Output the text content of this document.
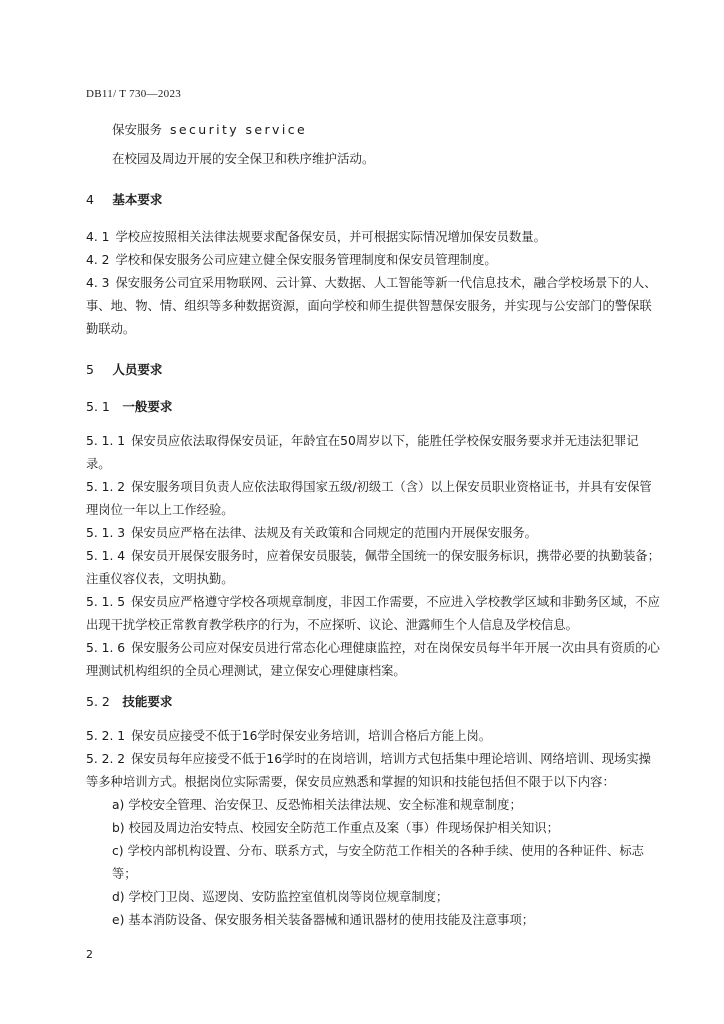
DB11/ T 730—2023
保安服务 security service
在校园及周边开展的安全保卫和秩序维护活动。
4 基本要求
4. 1 学校应按照相关法律法规要求配备保安员，并可根据实际情况增加保安员数量。
4. 2 学校和保安服务公司应建立健全保安服务管理制度和保安员管理制度。
4. 3 保安服务公司宜采用物联网、云计算、大数据、人工智能等新一代信息技术，融合学校场景下的人、事、地、物、情、组织等多种数据资源，面向学校和师生提供智慧保安服务，并实现与公安部门的警保联勤联动。
5 人员要求
5. 1 一般要求
5. 1. 1 保安员应依法取得保安员证，年龄宜在50周岁以下，能胜任学校保安服务要求并无违法犯罪记录。
5. 1. 2 保安服务项目负责人应依法取得国家五级/初级工（含）以上保安员职业资格证书，并具有安保管理岗位一年以上工作经验。
5. 1. 3 保安员应严格在法律、法规及有关政策和合同规定的范围内开展保安服务。
5. 1. 4 保安员开展保安服务时，应着保安员服装，佩带全国统一的保安服务标识，携带必要的执勤装备；注重仪容仪表，文明执勤。
5. 1. 5 保安员应严格遵守学校各项规章制度，非因工作需要，不应进入学校教学区域和非勤务区域，不应出现干扰学校正常教育教学秩序的行为，不应探听、议论、泄露师生个人信息及学校信息。
5. 1. 6 保安服务公司应对保安员进行常态化心理健康监控，对在岗保安员每半年开展一次由具有资质的心理测试机构组织的全员心理测试，建立保安心理健康档案。
5. 2 技能要求
5. 2. 1 保安员应接受不低于16学时保安业务培训，培训合格后方能上岗。
5. 2. 2 保安员每年应接受不低于16学时的在岗培训，培训方式包括集中理论培训、网络培训、现场实操等多种培训方式。根据岗位实际需要，保安员应熟悉和掌握的知识和技能包括但不限于以下内容：
a) 学校安全管理、治安保卫、反恐怖相关法律法规、安全标准和规章制度；
b) 校园及周边治安特点、校园安全防范工作重点及案（事）件现场保护相关知识；
c) 学校内部机构设置、分布、联系方式，与安全防范工作相关的各种手续、使用的各种证件、标志等；
d) 学校门卫岗、巡逻岗、安防监控室值机岗等岗位规章制度；
e) 基本消防设备、保安服务相关装备器械和通讯器材的使用技能及注意事项；
2
